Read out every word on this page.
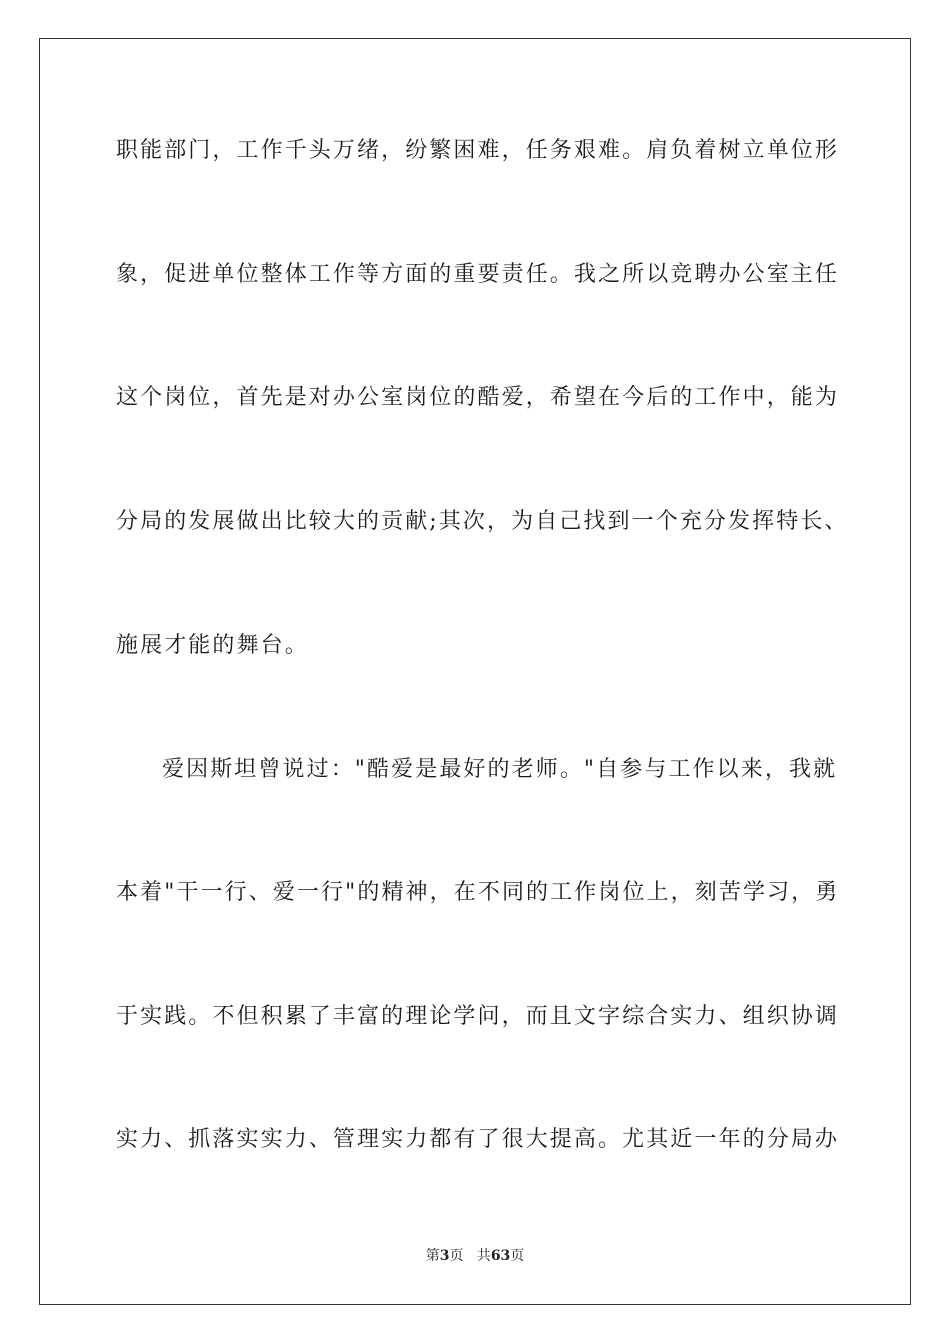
职能部门，工作千头万绪，纷繁困难，任务艰难。肩负着树立单位形
象，促进单位整体工作等方面的重要责任。我之所以竞聘办公室主任
这个岗位，首先是对办公室岗位的酷爱，希望在今后的工作中，能为
分局的发展做出比较大的贡献;其次，为自己找到一个充分发挥特长、
施展才能的舞台。
爱因斯坦曾说过："酷爱是最好的老师。"自参与工作以来，我就
本着"干一行、爱一行"的精神，在不同的工作岗位上，刻苦学习，勇
于实践。不但积累了丰富的理论学问，而且文字综合实力、组织协调
实力、抓落实实力、管理实力都有了很大提高。尤其近一年的分局办
第3页 共63页
